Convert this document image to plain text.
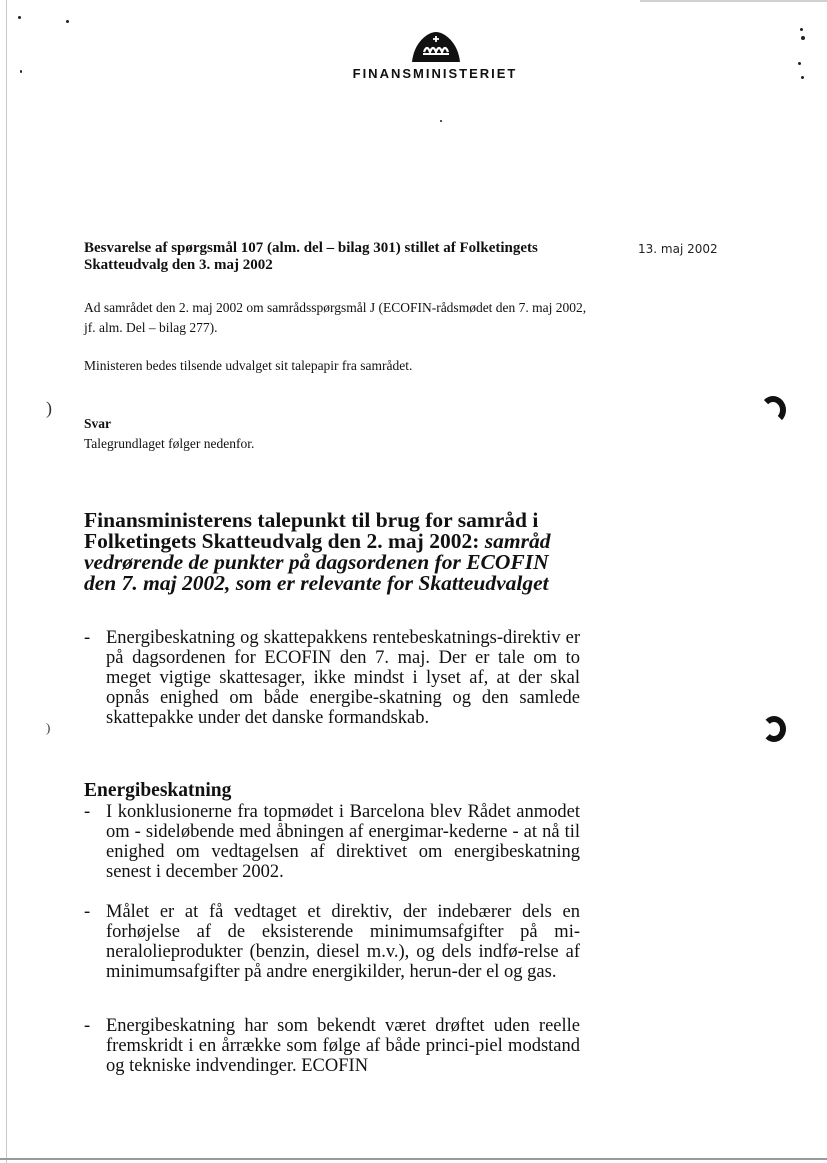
)
)
FINANSMINISTERIET
13. maj 2002

Besvarelse af spørgsmål 107 (alm. del – bilag 301) stillet af Folketingets Skatteudvalg den 3. maj 2002

Ad samrådet den 2. maj 2002 om samrådsspørgsmål J (ECOFIN-rådsmødet den 7. maj 2002, jf. alm. Del – bilag 277).

Ministeren bedes tilsende udvalget sit talepapir fra samrådet.

Svar

Talegrundlaget følger nedenfor.

Finansministerens talepunkt til brug for samråd i Folketingets Skatteudvalg den 2. maj 2002: samråd vedrørende de punkter på dagsordenen for ECOFIN den 7. maj 2002, som er relevante for Skatteudvalget
- Energibeskatning og skattepakkens rentebeskatnings-direktiv er på dagsordenen for ECOFIN den 7. maj. Der er tale om to meget vigtige skattesager, ikke mindst i lyset af, at der skal opnås enighed om både energibe-skatning og den samlede skattepakke under det danske formandskab.
Energibeskatning
- I konklusionerne fra topmødet i Barcelona blev Rådet anmodet om - sideløbende med åbningen af energimar-kederne - at nå til enighed om vedtagelsen af direktivet om energibeskatning senest i december 2002.
- Målet er at få vedtaget et direktiv, der indebærer dels en forhøjelse af de eksisterende minimumsafgifter på mi-neralolieprodukter (benzin, diesel m.v.), og dels indfø-relse af minimumsafgifter på andre energikilder, herun-der el og gas.
- Energibeskatning har som bekendt været drøftet uden reelle fremskridt i en årrække som følge af både princi-piel modstand og tekniske indvendinger. ECOFIN
